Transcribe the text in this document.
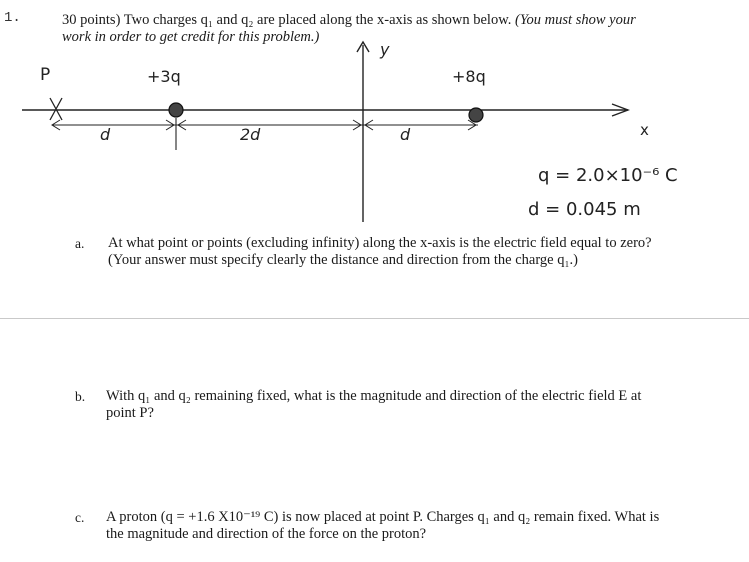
1.	30 points) Two charges q₁ and q₂ are placed along the x-axis as shown below. (You must show your
work in order to get credit for this problem.)
y
x
P	+3q	+8q
d	2d	d
q = 2.0×10⁻⁶ C
d = 0.045 m
a. At what point or points (excluding infinity) along the x-axis is the electric field equal to zero?
(Your answer must specify clearly the distance and direction from the charge q₁.)
b. With q₁ and q₂ remaining fixed, what is the magnitude and direction of the electric field E at
point P?
c. A proton (q = +1.6 X10⁻¹⁹ C) is now placed at point P. Charges q₁ and q₂ remain fixed. What is
the magnitude and direction of the force on the proton?
